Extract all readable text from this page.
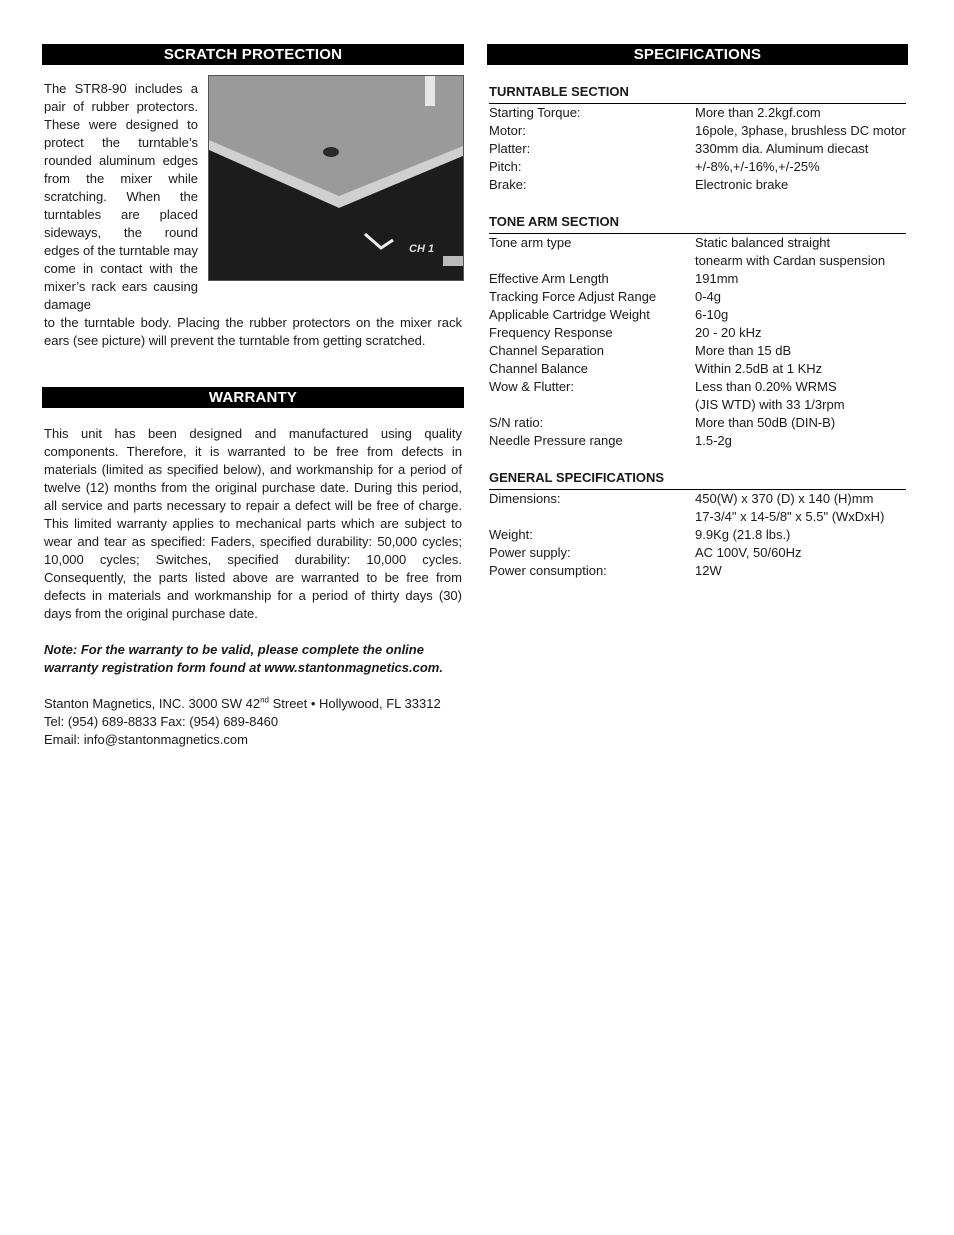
SCRATCH PROTECTION
CH 1

The STR8-90 includes a pair of rubber protectors. These were designed to protect the turntable’s rounded aluminum edges from the mixer while scratching. When the turntables are placed sideways, the round edges of the turntable may come in contact with the mixer’s rack ears causing damage

to the turntable body. Placing the rubber protectors on the mixer rack ears (see picture) will prevent the turntable from getting scratched.

WARRANTY

This unit has been designed and manufactured using quality components. Therefore, it is warranted to be free from defects in materials (limited as specified below), and workmanship for a period of twelve (12) months from the original purchase date. During this period, all service and parts necessary to repair a defect will be free of charge. This limited warranty applies to mechanical parts which are subject to wear and tear as specified: Faders, specified durability: 50,000 cycles; 10,000 cycles; Switches, specified durability: 10,000 cycles. Consequently, the parts listed above are warranted to be free from defects in materials and workmanship for a period of thirty days (30) days from the original purchase date.

Note: For the warranty to be valid, please complete the online warranty registration form found at www.stantonmagnetics.com.

Stanton Magnetics, INC. 3000 SW 42nd Street • Hollywood, FL 33312
Tel: (954) 689-8833 Fax: (954) 689-8460
Email: info@stantonmagnetics.com
SPECIFICATIONS
TURNTABLE SECTION
Starting Torque:	More than 2.2kgf.com
Motor:	16pole, 3phase, brushless DC motor
Platter:	330mm dia. Aluminum diecast
Pitch:	+/-8%,+/-16%,+/-25%
Brake:	Electronic brake
TONE ARM SECTION
Tone arm type	Static balanced straight
tonearm with Cardan suspension
Effective Arm Length	191mm
Tracking Force Adjust Range	0-4g
Applicable Cartridge Weight	6-10g
Frequency Response	20 - 20 kHz
Channel Separation	More than 15 dB
Channel Balance	Within 2.5dB at 1 KHz
Wow & Flutter:	Less than 0.20% WRMS
(JIS WTD) with 33 1/3rpm
S/N ratio:	More than 50dB (DIN-B)
Needle Pressure range	1.5-2g
GENERAL SPECIFICATIONS
Dimensions:	450(W) x 370 (D) x 140 (H)mm
17-3/4" x 14-5/8" x 5.5" (WxDxH)
Weight:	9.9Kg (21.8 lbs.)
Power supply:	AC 100V, 50/60Hz
Power consumption:	12W
